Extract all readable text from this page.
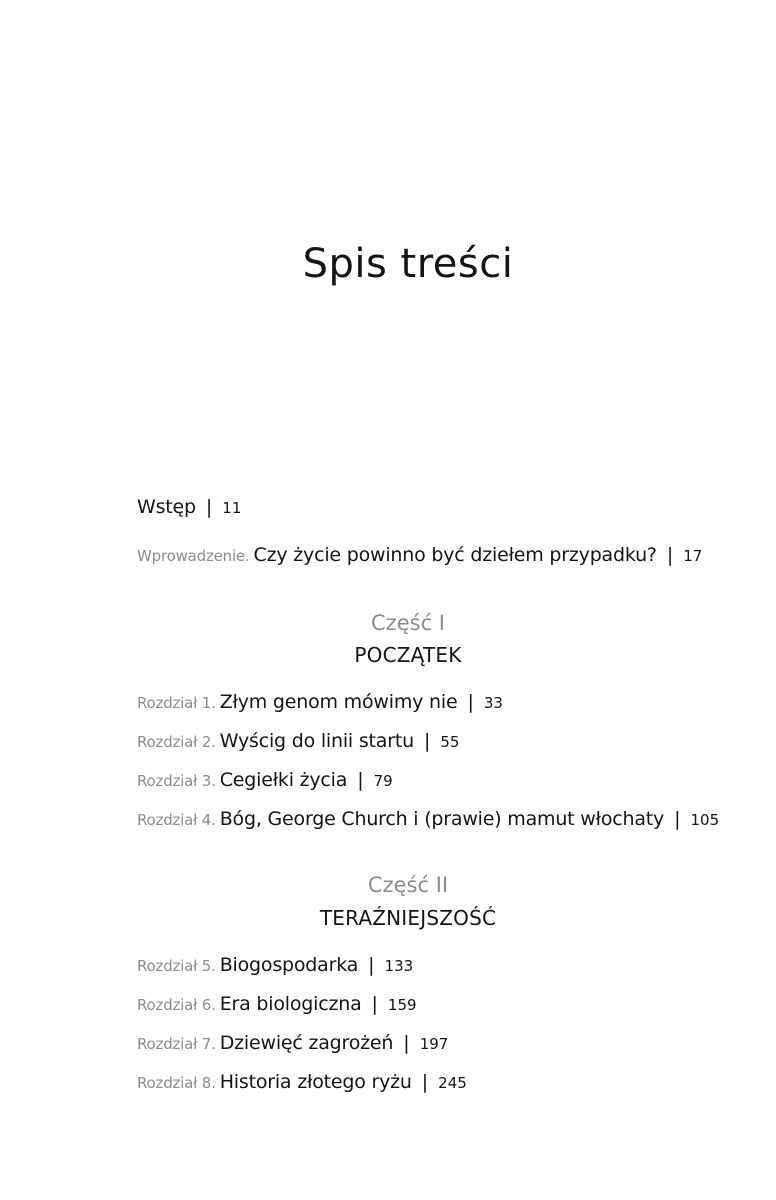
Spis treści
Wstęp | 11
Wprowadzenie. Czy życie powinno być dziełem przypadku? | 17
Część I
POCZĄTEK
Rozdział 1. Złym genom mówimy nie | 33
Rozdział 2. Wyścig do linii startu | 55
Rozdział 3. Cegiełki życia | 79
Rozdział 4. Bóg, George Church i (prawie) mamut włochaty | 105
Część II
TERAŹNIEJSZOŚĆ
Rozdział 5. Biogospodarka | 133
Rozdział 6. Era biologiczna | 159
Rozdział 7. Dziewięć zagrożeń | 197
Rozdział 8. Historia złotego ryżu | 245
